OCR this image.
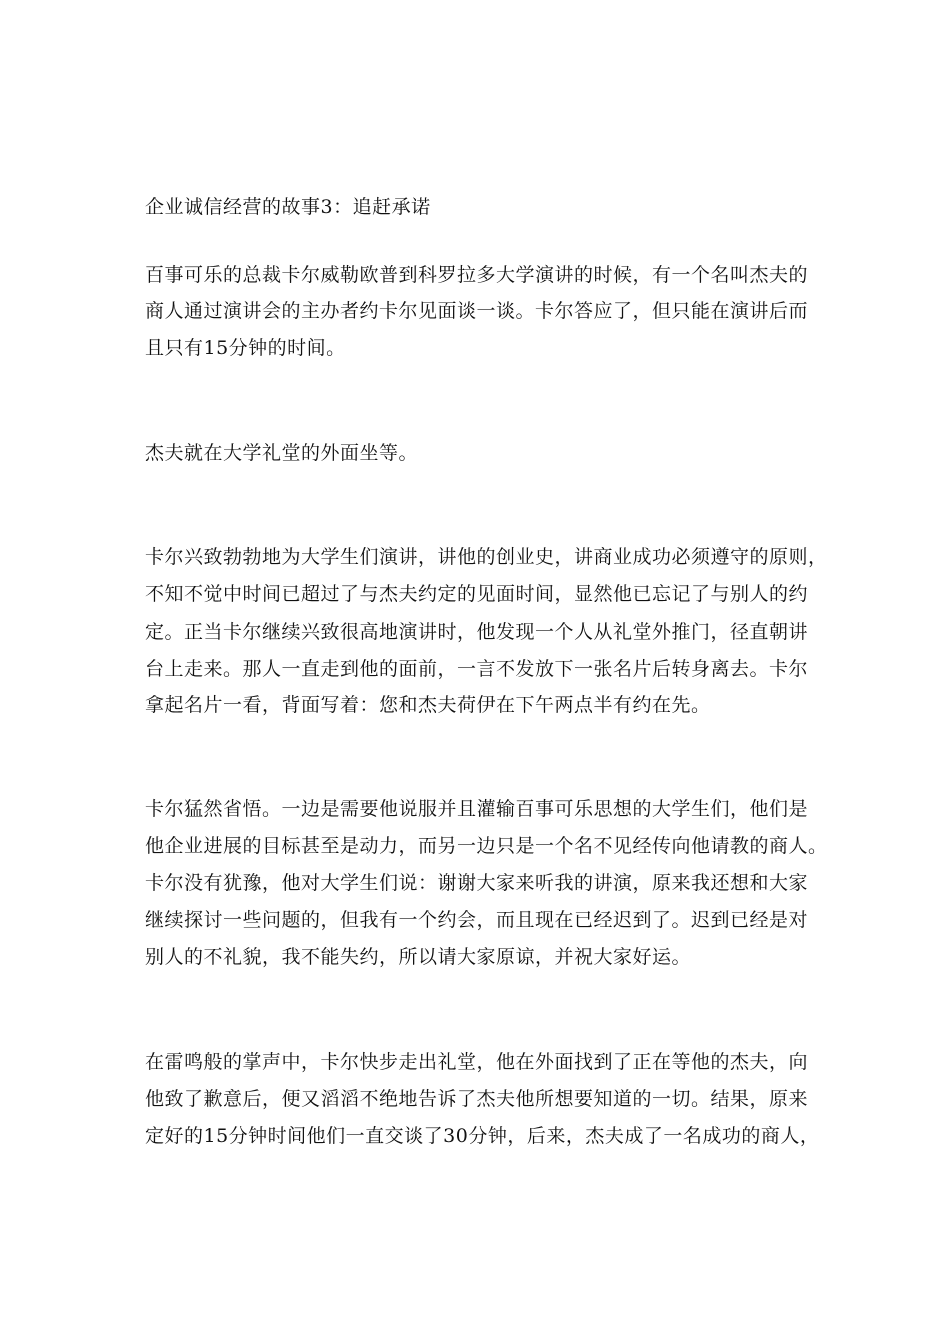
企业诚信经营的故事3：追赶承诺
百事可乐的总裁卡尔威勒欧普到科罗拉多大学演讲的时候，有一个名叫杰夫的
商人通过演讲会的主办者约卡尔见面谈一谈。卡尔答应了，但只能在演讲后而
且只有15分钟的时间。
杰夫就在大学礼堂的外面坐等。
卡尔兴致勃勃地为大学生们演讲，讲他的创业史，讲商业成功必须遵守的原则，
不知不觉中时间已超过了与杰夫约定的见面时间，显然他已忘记了与别人的约
定。正当卡尔继续兴致很高地演讲时，他发现一个人从礼堂外推门，径直朝讲
台上走来。那人一直走到他的面前，一言不发放下一张名片后转身离去。卡尔
拿起名片一看，背面写着：您和杰夫荷伊在下午两点半有约在先。
卡尔猛然省悟。一边是需要他说服并且灌输百事可乐思想的大学生们，他们是
他企业进展的目标甚至是动力，而另一边只是一个名不见经传向他请教的商人。
卡尔没有犹豫，他对大学生们说：谢谢大家来听我的讲演，原来我还想和大家
继续探讨一些问题的，但我有一个约会，而且现在已经迟到了。迟到已经是对
别人的不礼貌，我不能失约，所以请大家原谅，并祝大家好运。
在雷鸣般的掌声中，卡尔快步走出礼堂，他在外面找到了正在等他的杰夫，向
他致了歉意后，便又滔滔不绝地告诉了杰夫他所想要知道的一切。结果，原来
定好的15分钟时间他们一直交谈了30分钟，后来，杰夫成了一名成功的商人，
